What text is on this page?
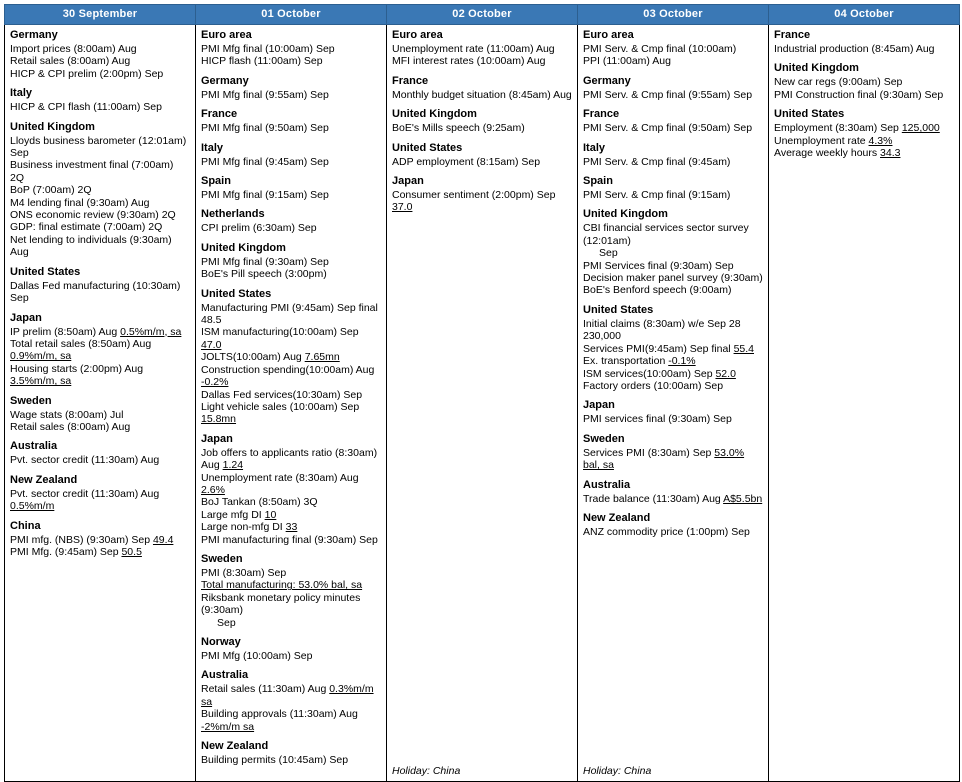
30 September	01 October	02 October	03 October	04 October

Germany
Import prices (8:00am) Aug
Retail sales (8:00am) Aug
HICP & CPI prelim (2:00pm) Sep
Italy
HICP & CPI flash (11:00am) Sep
United Kingdom
Lloyds business barometer (12:01am) Sep
Business investment final (7:00am) 2Q
BoP (7:00am) 2Q
M4 lending final (9:30am) Aug
ONS economic review (9:30am) 2Q
GDP: final estimate (7:00am) 2Q
Net lending to individuals (9:30am) Aug
United States
Dallas Fed manufacturing (10:30am) Sep
Japan
IP prelim (8:50am) Aug 0.5%m/m, sa
Total retail sales (8:50am) Aug 0.9%m/m, sa
Housing starts (2:00pm) Aug 3.5%m/m, sa
Sweden
Wage stats (8:00am) Jul
Retail sales (8:00am) Aug
Australia
Pvt. sector credit (11:30am) Aug
New Zealand
Pvt. sector credit (11:30am) Aug 0.5%m/m
China
PMI mfg. (NBS) (9:30am) Sep 49.4
PMI Mfg. (9:45am) Sep 50.5

Euro area
PMI Mfg final (10:00am) Sep
HICP flash (11:00am) Sep
Germany
PMI Mfg final (9:55am) Sep
France
PMI Mfg final (9:50am) Sep
Italy
PMI Mfg final (9:45am) Sep
Spain
PMI Mfg final (9:15am) Sep
Netherlands
CPI prelim (6:30am) Sep
United Kingdom
PMI Mfg final (9:30am) Sep
BoE's Pill speech (3:00pm)
United States
Manufacturing PMI (9:45am) Sep final 48.5
ISM manufacturing(10:00am) Sep 47.0
JOLTS(10:00am) Aug 7.65mn
Construction spending(10:00am) Aug -0.2%
Dallas Fed services(10:30am) Sep
Light vehicle sales (10:00am) Sep 15.8mn
Japan
Job offers to applicants ratio (8:30am) Aug 1.24
Unemployment rate (8:30am) Aug 2.6%
BoJ Tankan (8:50am) 3Q
Large mfg DI 10
Large non-mfg DI 33
PMI manufacturing final (9:30am) Sep
Sweden
PMI (8:30am) Sep
Total manufacturing: 53.0% bal, sa
Riksbank monetary policy minutes (9:30am)
Sep
Norway
PMI Mfg (10:00am) Sep
Australia
Retail sales (11:30am) Aug 0.3%m/m sa
Building approvals (11:30am) Aug -2%m/m sa
New Zealand
Building permits (10:45am) Sep

Euro area
Unemployment rate (11:00am) Aug
MFI interest rates (10:00am) Aug
France
Monthly budget situation (8:45am) Aug
United Kingdom
BoE's Mills speech (9:25am)
United States
ADP employment (8:15am) Sep
Japan
Consumer sentiment (2:00pm) Sep 37.0
Holiday: China

Euro area
PMI Serv. & Cmp final (10:00am)
PPI (11:00am) Aug
Germany
PMI Serv. & Cmp final (9:55am) Sep
France
PMI Serv. & Cmp final (9:50am) Sep
Italy
PMI Serv. & Cmp final (9:45am)
Spain
PMI Serv. & Cmp final (9:15am)
United Kingdom
CBI financial services sector survey (12:01am)
Sep
PMI Services final (9:30am) Sep
Decision maker panel survey (9:30am)
BoE's Benford speech (9:00am)
United States
Initial claims (8:30am) w/e Sep 28 230,000
Services PMI(9:45am) Sep final 55.4
Ex. transportation -0.1%
ISM services(10:00am) Sep 52.0
Factory orders (10:00am) Sep
Japan
PMI services final (9:30am) Sep
Sweden
Services PMI (8:30am) Sep 53.0% bal, sa
Australia
Trade balance (11:30am) Aug A$5.5bn
New Zealand
ANZ commodity price (1:00pm) Sep
Holiday: China

France
Industrial production (8:45am) Aug
United Kingdom
New car regs (9:00am) Sep
PMI Construction final (9:30am) Sep
United States
Employment (8:30am) Sep 125,000
Unemployment rate 4.3%
Average weekly hours 34.3
